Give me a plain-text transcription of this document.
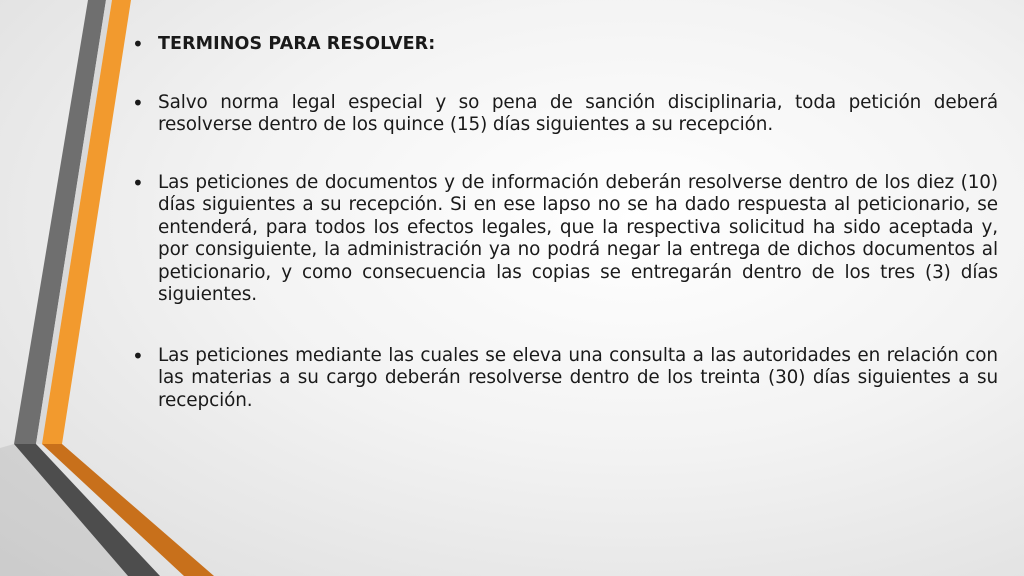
• TERMINOS PARA RESOLVER:
• Salvo norma legal especial y so pena de sanción disciplinaria, toda petición deberá resolverse dentro de los quince (15) días siguientes a su recepción.
• Las peticiones de documentos y de información deberán resolverse dentro de los diez (10) días siguientes a su recepción. Si en ese lapso no se ha dado respuesta al peticionario, se entenderá, para todos los efectos legales, que la respectiva solicitud ha sido aceptada y, por consiguiente, la administración ya no podrá negar la entrega de dichos documentos al peticionario, y como consecuencia las copias se entregarán dentro de los tres (3) días siguientes.
• Las peticiones mediante las cuales se eleva una consulta a las autoridades en relación con las materias a su cargo deberán resolverse dentro de los treinta (30) días siguientes a su recepción.
